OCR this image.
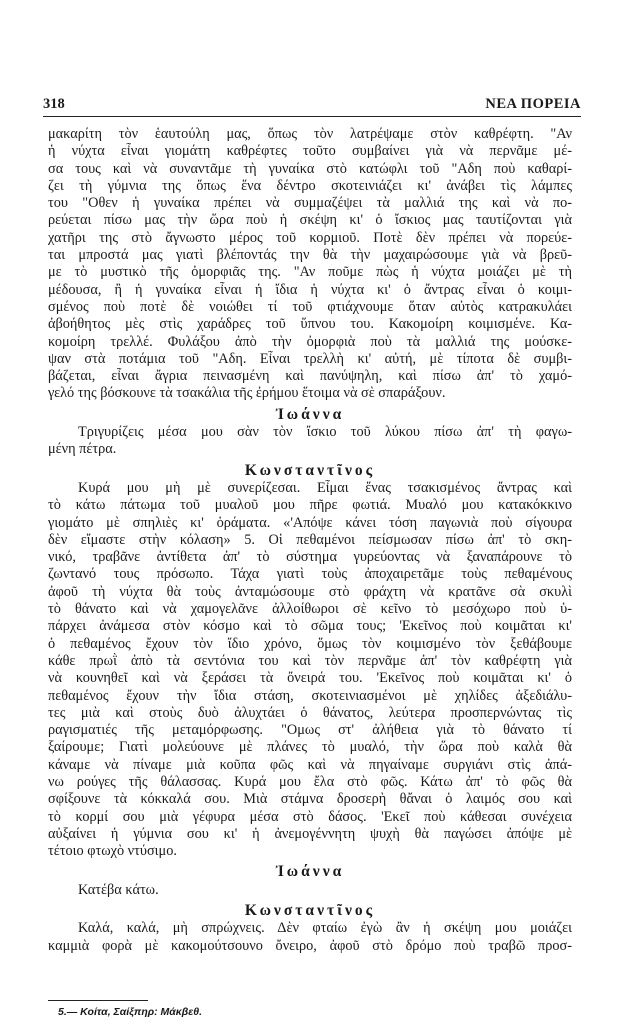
318	ΝΕΑ ΠΟΡΕΙΑ
μακαρίτη τὸν ἑαυτούλη μας, ὅπως τὸν λατρέψαμε στὸν καθρέφτη. "Αν
ἡ νύχτα εἶναι γιομάτη καθρέφτες τοῦτο συμβαίνει γιὰ νὰ περνᾶμε μέ-
σα τους καὶ νὰ συναντᾶμε τὴ γυναίκα στὸ κατώφλι τοῦ "Αδη ποὺ καθαρί-
ζει τὴ γύμνια της ὅπως ἕνα δέντρο σκοτεινιάζει κι' ἀνάβει τὶς λάμπες
του "Οθεν ἡ γυναίκα πρέπει νὰ συμμαζέψει τὰ μαλλιά της καὶ νὰ πο-
ρεύεται πίσω μας τὴν ὥρα ποὺ ἡ σκέψη κι' ὁ ἴσκιος μας ταυτίζονται γιὰ
χατῆρι της στὸ ἄγνωστο μέρος τοῦ κορμιοῦ. Ποτὲ δὲν πρέπει νὰ πορεύε-
ται μπροστά μας γιατὶ βλέποντάς την θὰ τὴν μαχαιρώσουμε γιὰ νὰ βρεῦ-
με τὸ μυστικὸ τῆς ὀμορφιᾶς της. "Αν ποῦμε πὼς ἡ νύχτα μοιάζει μὲ τὴ
μέδουσα, ἢ ἡ γυναίκα εἶναι ἡ ἴδια ἡ νύχτα κι' ὁ ἄντρας εἶναι ὁ κοιμι-
σμένος ποὺ ποτὲ δὲ νοιώθει τί τοῦ φτιάχνουμε ὅταν αὐτὸς κατρακυλάει
ἀβοήθητος μὲς στὶς χαράδρες τοῦ ὕπνου του. Κακομοίρη κοιμισμένε. Κα-
κομοίρη τρελλέ. Φυλάξου ἀπὸ τὴν ὀμορφιὰ ποὺ τὰ μαλλιά της μούσκε-
ψαν στὰ ποτάμια τοῦ "Αδη. Εἶναι τρελλὴ κι' αὐτή, μὲ τίποτα δὲ συμβι-
βάζεται, εἶναι ἄγρια πεινασμένη καὶ πανύψηλη, καὶ πίσω ἀπ' τὸ χαμό-
γελό της βόσκουνε τὰ τσακάλια τῆς ἐρήμου ἕτοιμα νὰ σὲ σπαράξουν.
Ἰωάννα
Τριγυρίζεις μέσα μου σὰν τὸν ἴσκιο τοῦ λύκου πίσω ἀπ' τὴ φαγω-
μένη πέτρα.
Κωνσταντῖνος
Κυρά μου μὴ μὲ συνερίζεσαι. Εἶμαι ἕνας τσακισμένος ἄντρας καὶ
τὸ κάτω πάτωμα τοῦ μυαλοῦ μου πῆρε φωτιά. Μυαλό μου κατακόκκινο
γιομάτο μὲ σπηλιὲς κι' ὁράματα. «'Απόψε κάνει τόση παγωνιὰ ποὺ σίγουρα
δὲν εἴμαστε στὴν κόλαση» 5. Οἱ πεθαμένοι πείσμωσαν πίσω ἀπ' τὸ σκη-
νικό, τραβᾶνε ἀντίθετα ἀπ' τὸ σύστημα γυρεύοντας νὰ ξαναπάρουνε τὸ
ζωντανό τους πρόσωπο. Τάχα γιατὶ τοὺς ἀποχαιρετᾶμε τοὺς πεθαμένους
ἀφοῦ τὴ νύχτα θὰ τοὺς ἀνταμώσουμε στὸ φράχτη νὰ κρατᾶνε σὰ σκυλὶ
τὸ θάνατο καὶ νὰ χαμογελᾶνε ἀλλοίθωροι σὲ κεῖνο τὸ μεσόχωρο ποὺ ὑ-
πάρχει ἀνάμεσα στὸν κόσμο καὶ τὸ σῶμα τους; 'Εκεῖνος ποὺ κοιμᾶται κι'
ὁ πεθαμένος ἔχουν τὸν ἴδιο χρόνο, ὅμως τὸν κοιμισμένο τὸν ξεθάβουμε
κάθε πρωῒ ἀπὸ τὰ σεντόνια του καὶ τὸν περνᾶμε ἀπ' τὸν καθρέφτη γιὰ
νὰ κουνηθεῖ καὶ νὰ ξεράσει τὰ ὄνειρά του. 'Εκεῖνος ποὺ κοιμᾶται κι' ὁ
πεθαμένος ἔχουν τὴν ἴδια στάση, σκοτεινιασμένοι μὲ χηλίδες ἀξεδιάλυ-
τες μιὰ καὶ στοὺς δυὸ ἀλυχτάει ὁ θάνατος, λεύτερα προσπερνώντας τὶς
ραγισματιές τῆς μεταμόρφωσης. "Ομως στ' ἀλήθεια γιὰ τὸ θάνατο τί
ξαίρουμε; Γιατὶ μολεύουνε μὲ πλάνες τὸ μυαλό, τὴν ὥρα ποὺ καλὰ θὰ
κάναμε νὰ πίναμε μιὰ κοῦπα φῶς καὶ νὰ πηγαίναμε συργιάνι στὶς ἀπά-
νω ρούγες τῆς θάλασσας. Κυρά μου ἔλα στὸ φῶς. Κάτω ἀπ' τὸ φῶς θὰ
σφίξουνε τὰ κόκκαλά σου. Μιὰ στάμνα δροσερὴ θἄναι ὁ λαιμός σου καὶ
τὸ κορμί σου μιὰ γέφυρα μέσα στὸ δάσος. 'Εκεῖ ποὺ κάθεσαι συνέχεια
αὐξαίνει ἡ γύμνια σου κι' ἡ ἀνεμογέννητη ψυχὴ θὰ παγώσει ἀπόψε μὲ
τέτοιο φτωχὸ ντύσιμο.
Ἰωάννα
Κατέβα κάτω.
Κωνσταντῖνος
Καλά, καλά, μὴ σπρώχνεις. Δὲν φταίω ἐγὼ ἂν ἡ σκέψη μου μοιάζει
καμμιὰ φορὰ μὲ κακομούτσουνο ὄνειρο, ἀφοῦ στὸ δρόμο ποὺ τραβῶ προσ-
5.— Κοίτα, Σαίξπηρ: Μάκβεθ.
